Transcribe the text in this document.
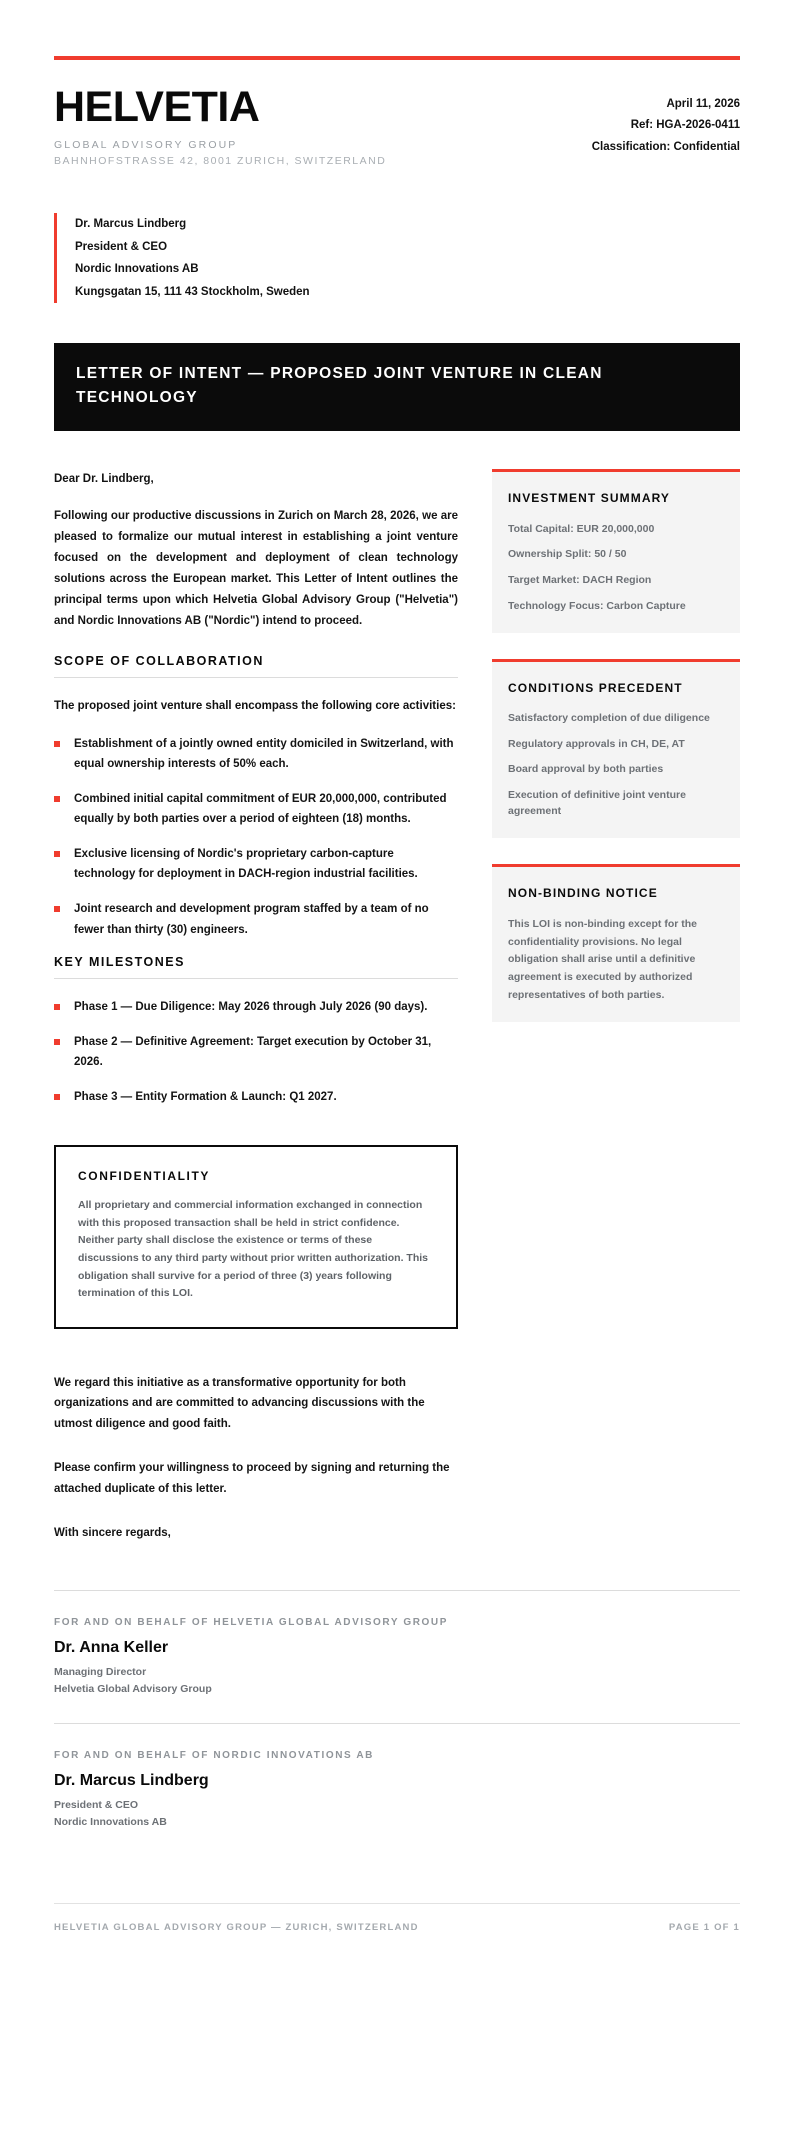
HELVETIA
GLOBAL ADVISORY GROUP
BAHNHOFSTRASSE 42, 8001 ZURICH, SWITZERLAND
April 11, 2026
Ref: HGA-2026-0411
Classification: Confidential
Dr. Marcus Lindberg
President & CEO
Nordic Innovations AB
Kungsgatan 15, 111 43 Stockholm, Sweden
LETTER OF INTENT — PROPOSED JOINT VENTURE IN CLEAN TECHNOLOGY
Dear Dr. Lindberg,

Following our productive discussions in Zurich on March 28, 2026, we are pleased to formalize our mutual interest in establishing a joint venture focused on the development and deployment of clean technology solutions across the European market. This Letter of Intent outlines the principal terms upon which Helvetia Global Advisory Group ("Helvetia") and Nordic Innovations AB ("Nordic") intend to proceed.

SCOPE OF COLLABORATION

The proposed joint venture shall encompass the following core activities:

Establishment of a jointly owned entity domiciled in Switzerland, with equal ownership interests of 50% each.
Combined initial capital commitment of EUR 20,000,000, contributed equally by both parties over a period of eighteen (18) months.
Exclusive licensing of Nordic's proprietary carbon-capture technology for deployment in DACH-region industrial facilities.
Joint research and development program staffed by a team of no fewer than thirty (30) engineers.
KEY MILESTONES
Phase 1 — Due Diligence: May 2026 through July 2026 (90 days).
Phase 2 — Definitive Agreement: Target execution by October 31, 2026.
Phase 3 — Entity Formation & Launch: Q1 2027.
CONFIDENTIALITY

All proprietary and commercial information exchanged in connection with this proposed transaction shall be held in strict confidence. Neither party shall disclose the existence or terms of these discussions to any third party without prior written authorization. This obligation shall survive for a period of three (3) years following termination of this LOI.

INVESTMENT SUMMARY
Total Capital: EUR 20,000,000
Ownership Split: 50 / 50
Target Market: DACH Region
Technology Focus: Carbon Capture
CONDITIONS PRECEDENT
Satisfactory completion of due diligence
Regulatory approvals in CH, DE, AT
Board approval by both parties
Execution of definitive joint venture agreement
NON-BINDING NOTICE

This LOI is non-binding except for the confidentiality provisions. No legal obligation shall arise until a definitive agreement is executed by authorized representatives of both parties.

We regard this initiative as a transformative opportunity for both organizations and are committed to advancing discussions with the utmost diligence and good faith.

Please confirm your willingness to proceed by signing and returning the attached duplicate of this letter.

With sincere regards,

FOR AND ON BEHALF OF HELVETIA GLOBAL ADVISORY GROUP
Dr. Anna Keller
Managing Director
Helvetia Global Advisory Group
FOR AND ON BEHALF OF NORDIC INNOVATIONS AB
Dr. Marcus Lindberg
President & CEO
Nordic Innovations AB
HELVETIA GLOBAL ADVISORY GROUP — ZURICH, SWITZERLAND	PAGE 1 OF 1
